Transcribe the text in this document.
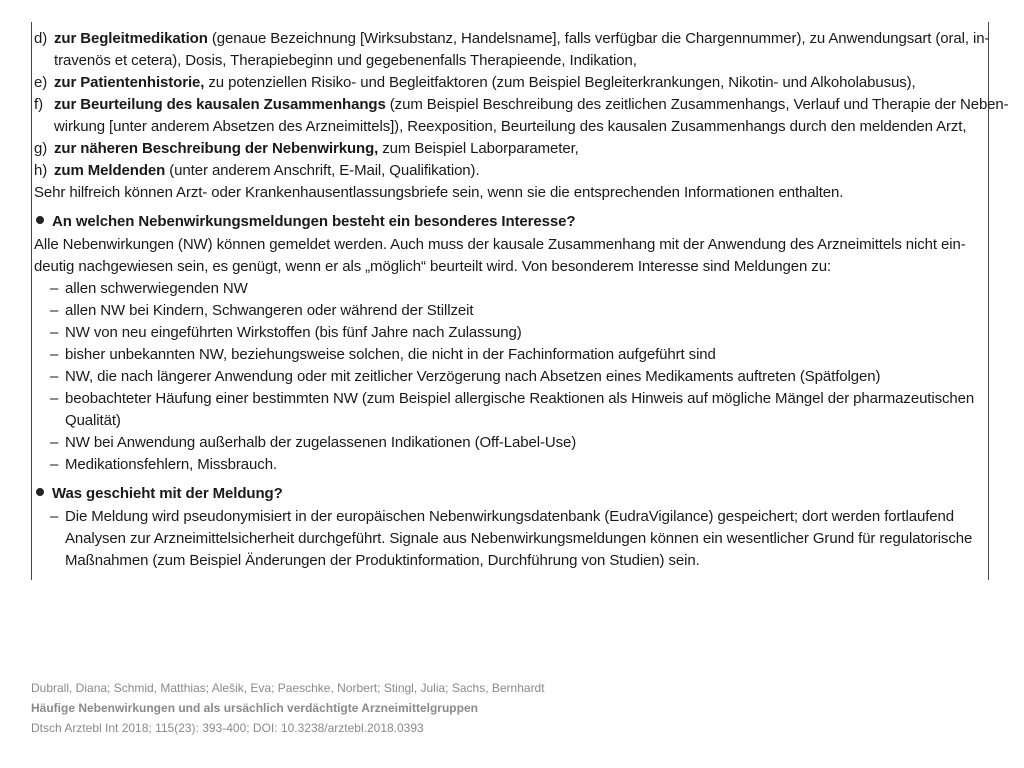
d) zur Begleitmedikation (genaue Bezeichnung [Wirksubstanz, Handelsname], falls verfügbar die Chargennummer), zu Anwendungsart (oral, in-
travenös et cetera), Dosis, Therapiebeginn und gegebenenfalls Therapieende, Indikation,
e) zur Patientenhistorie, zu potenziellen Risiko- und Begleitfaktoren (zum Beispiel Begleiterkrankungen, Nikotin- und Alkoholabusus),
f) zur Beurteilung des kausalen Zusammenhangs (zum Beispiel Beschreibung des zeitlichen Zusammenhangs, Verlauf und Therapie der Neben-
wirkung [unter anderem Absetzen des Arzneimittels]), Reexposition, Beurteilung des kausalen Zusammenhangs durch den meldenden Arzt,
g) zur näheren Beschreibung der Nebenwirkung, zum Beispiel Laborparameter,
h) zum Meldenden (unter anderem Anschrift, E-Mail, Qualifikation).
Sehr hilfreich können Arzt- oder Krankenhausentlassungsbriefe sein, wenn sie die entsprechenden Informationen enthalten.
An welchen Nebenwirkungsmeldungen besteht ein besonderes Interesse?
Alle Nebenwirkungen (NW) können gemeldet werden. Auch muss der kausale Zusammenhang mit der Anwendung des Arzneimittels nicht ein-
deutig nachgewiesen sein, es genügt, wenn er als „möglich“ beurteilt wird. Von besonderem Interesse sind Meldungen zu:
– allen schwerwiegenden NW
– allen NW bei Kindern, Schwangeren oder während der Stillzeit
– NW von neu eingeführten Wirkstoffen (bis fünf Jahre nach Zulassung)
– bisher unbekannten NW, beziehungsweise solchen, die nicht in der Fachinformation aufgeführt sind
– NW, die nach längerer Anwendung oder mit zeitlicher Verzögerung nach Absetzen eines Medikaments auftreten (Spätfolgen)
– beobachteter Häufung einer bestimmten NW (zum Beispiel allergische Reaktionen als Hinweis auf mögliche Mängel der pharmazeutischen
Qualität)
– NW bei Anwendung außerhalb der zugelassenen Indikationen (Off-Label-Use)
– Medikationsfehlern, Missbrauch.
Was geschieht mit der Meldung?
– Die Meldung wird pseudonymisiert in der europäischen Nebenwirkungsdatenbank (EudraVigilance) gespeichert; dort werden fortlaufend
Analysen zur Arzneimittelsicherheit durchgeführt. Signale aus Nebenwirkungsmeldungen können ein wesentlicher Grund für regulatorische
Maßnahmen (zum Beispiel Änderungen der Produktinformation, Durchführung von Studien) sein.
Dubrall, Diana; Schmid, Matthias; Alešik, Eva; Paeschke, Norbert; Stingl, Julia; Sachs, Bernhardt
Häufige Nebenwirkungen und als ursächlich verdächtigte Arzneimittelgruppen
Dtsch Arztebl Int 2018; 115(23): 393-400; DOI: 10.3238/arztebl.2018.0393
